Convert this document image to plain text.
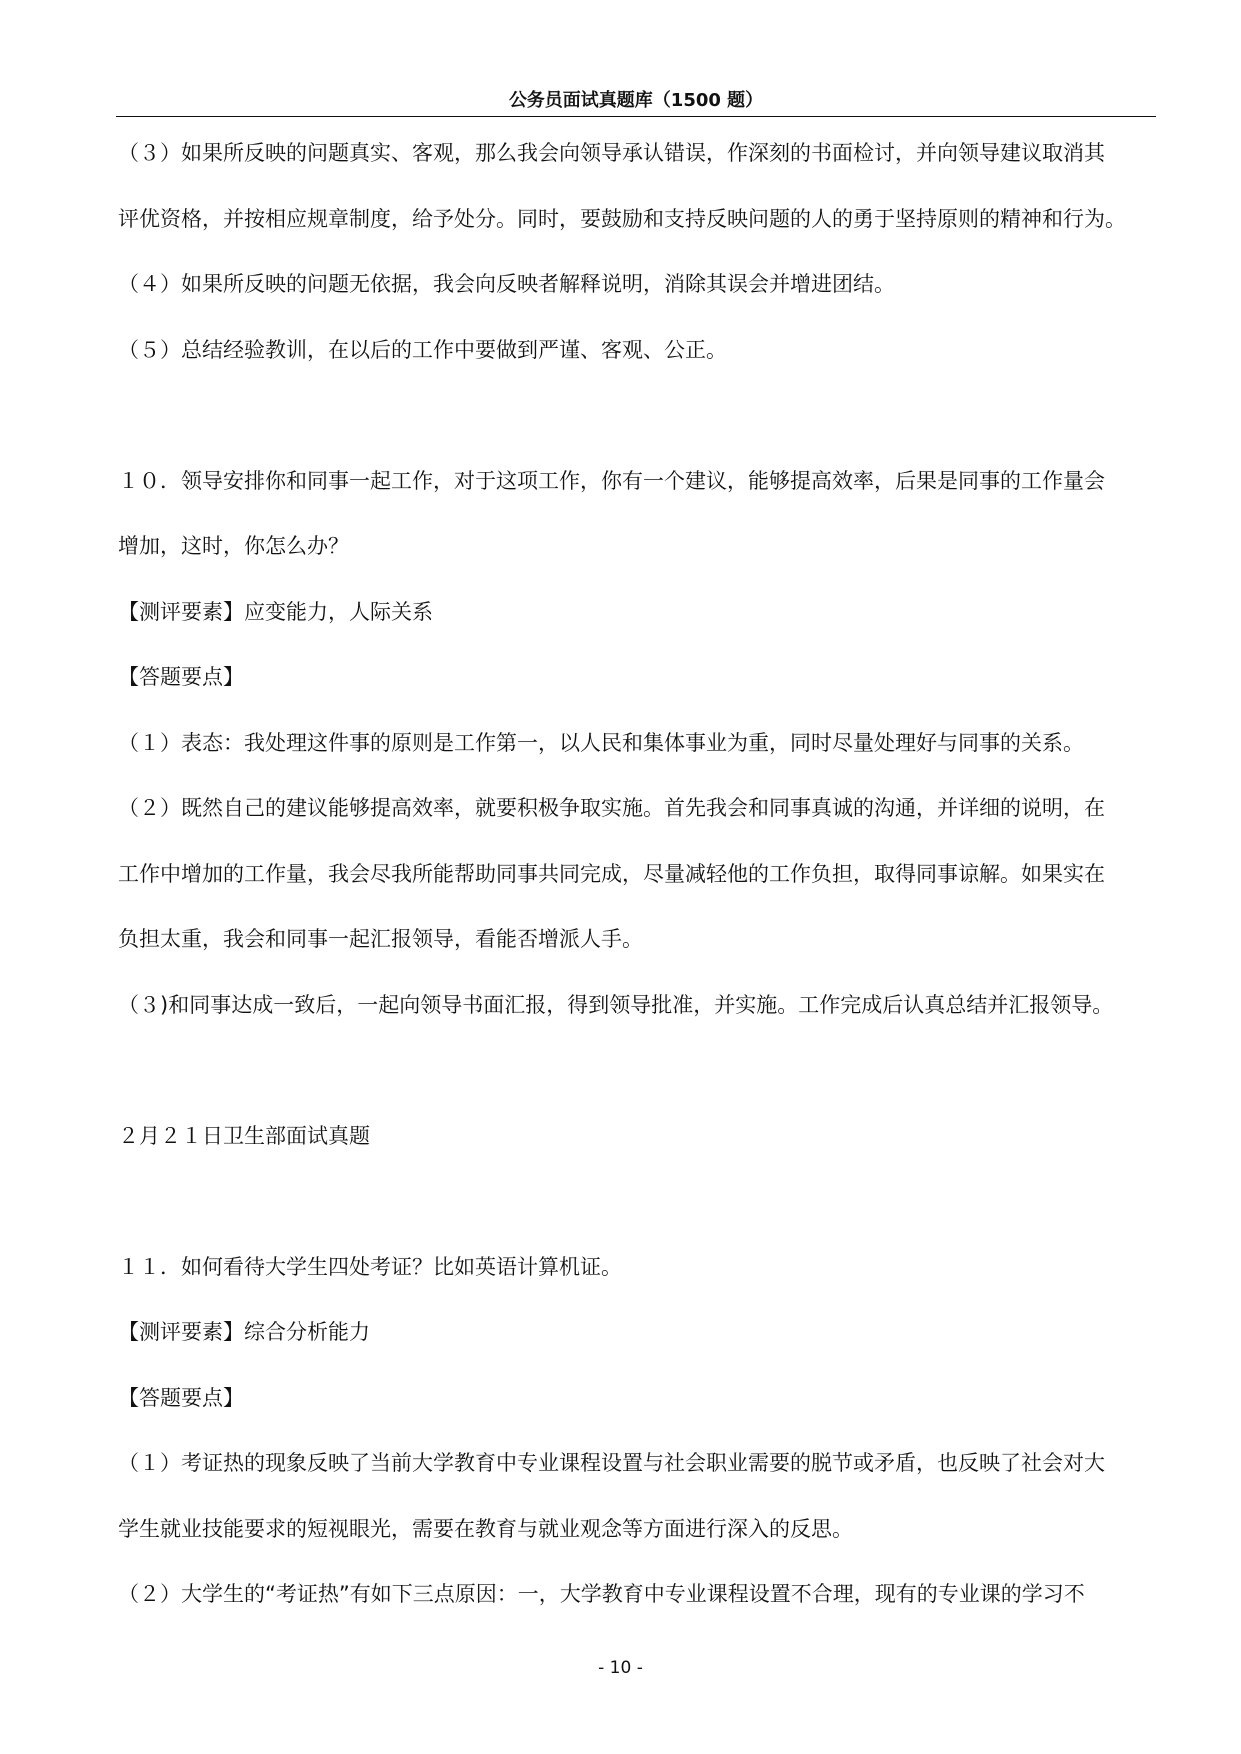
公务员面试真题库（1500 题）
（３）如果所反映的问题真实、客观，那么我会向领导承认错误，作深刻的书面检讨，并向领导建议取消其
评优资格，并按相应规章制度，给予处分。同时，要鼓励和支持反映问题的人的勇于坚持原则的精神和行为。
（４）如果所反映的问题无依据，我会向反映者解释说明，消除其误会并增进团结。
（５）总结经验教训，在以后的工作中要做到严谨、客观、公正。
１０．领导安排你和同事一起工作，对于这项工作，你有一个建议，能够提高效率，后果是同事的工作量会
增加，这时，你怎么办？
【测评要素】应变能力，人际关系
【答题要点】
（１）表态：我处理这件事的原则是工作第一，以人民和集体事业为重，同时尽量处理好与同事的关系。
（２）既然自己的建议能够提高效率，就要积极争取实施。首先我会和同事真诚的沟通，并详细的说明，在
工作中增加的工作量，我会尽我所能帮助同事共同完成，尽量减轻他的工作负担，取得同事谅解。如果实在
负担太重，我会和同事一起汇报领导，看能否增派人手。
（３)和同事达成一致后，一起向领导书面汇报，得到领导批准，并实施。工作完成后认真总结并汇报领导。
２月２１日卫生部面试真题
１１．如何看待大学生四处考证？比如英语计算机证。
【测评要素】综合分析能力
【答题要点】
（１）考证热的现象反映了当前大学教育中专业课程设置与社会职业需要的脱节或矛盾，也反映了社会对大
学生就业技能要求的短视眼光，需要在教育与就业观念等方面进行深入的反思。
（２）大学生的“考证热”有如下三点原因：一，大学教育中专业课程设置不合理，现有的专业课的学习不
- 10 -
